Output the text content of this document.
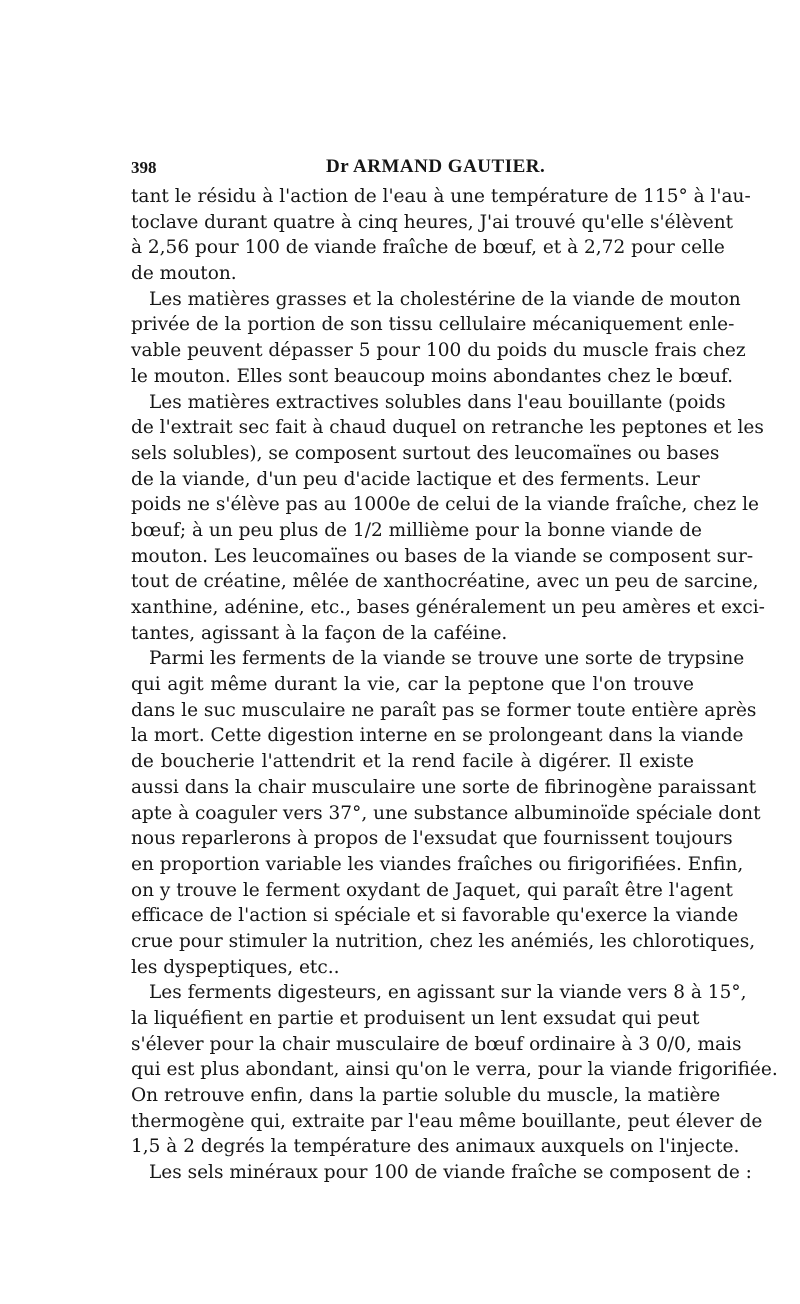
398	Dr ARMAND GAUTIER.
tant le résidu à l'action de l'eau à une température de 115° à l'au-
toclave durant quatre à cinq heures, J'ai trouvé qu'elle s'élèvent
à 2,56 pour 100 de viande fraîche de bœuf, et à 2,72 pour celle
de mouton.
Les matières grasses et la cholestérine de la viande de mouton
privée de la portion de son tissu cellulaire mécaniquement enle-
vable peuvent dépasser 5 pour 100 du poids du muscle frais chez
le mouton. Elles sont beaucoup moins abondantes chez le bœuf.
Les matières extractives solubles dans l'eau bouillante (poids
de l'extrait sec fait à chaud duquel on retranche les peptones et les
sels solubles), se composent surtout des leucomaïnes ou bases
de la viande, d'un peu d'acide lactique et des ferments. Leur
poids ne s'élève pas au 1000e de celui de la viande fraîche, chez le
bœuf; à un peu plus de 1/2 millième pour la bonne viande de
mouton. Les leucomaïnes ou bases de la viande se composent sur-
tout de créatine, mêlée de xanthocréatine, avec un peu de sarcine,
xanthine, adénine, etc., bases généralement un peu amères et exci-
tantes, agissant à la façon de la caféine.
Parmi les ferments de la viande se trouve une sorte de trypsine
qui agit même durant la vie, car la peptone que l'on trouve
dans le suc musculaire ne paraît pas se former toute entière après
la mort. Cette digestion interne en se prolongeant dans la viande
de boucherie l'attendrit et la rend facile à digérer. Il existe
aussi dans la chair musculaire une sorte de fibrinogène paraissant
apte à coaguler vers 37°, une substance albuminoïde spéciale dont
nous reparlerons à propos de l'exsudat que fournissent toujours
en proportion variable les viandes fraîches ou firigorifiées. Enfin,
on y trouve le ferment oxydant de Jaquet, qui paraît être l'agent
efficace de l'action si spéciale et si favorable qu'exerce la viande
crue pour stimuler la nutrition, chez les anémiés, les chlorotiques,
les dyspeptiques, etc..
Les ferments digesteurs, en agissant sur la viande vers 8 à 15°,
la liquéfient en partie et produisent un lent exsudat qui peut
s'élever pour la chair musculaire de bœuf ordinaire à 3 0/0, mais
qui est plus abondant, ainsi qu'on le verra, pour la viande frigorifiée.
On retrouve enfin, dans la partie soluble du muscle, la matière
thermogène qui, extraite par l'eau même bouillante, peut élever de
1,5 à 2 degrés la température des animaux auxquels on l'injecte.
Les sels minéraux pour 100 de viande fraîche se composent de :
